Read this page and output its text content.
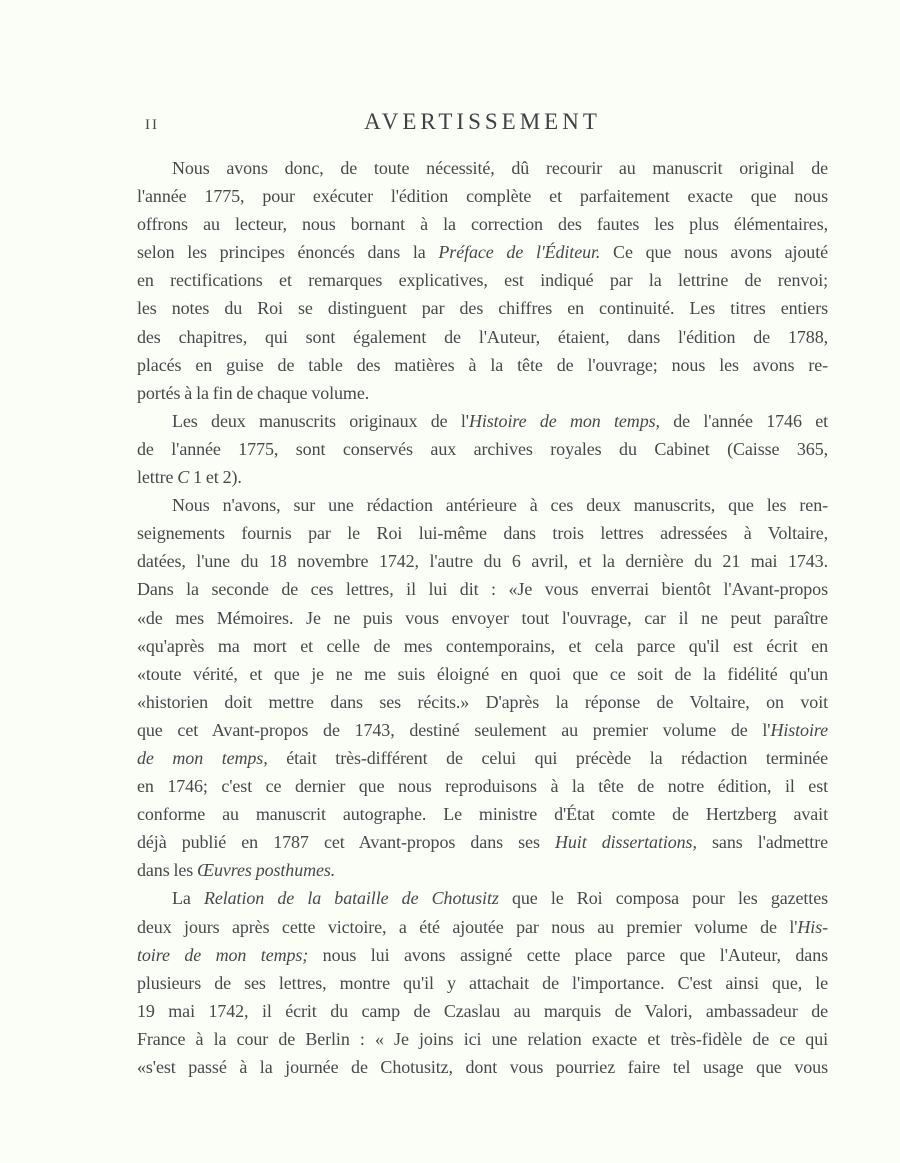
II	AVERTISSEMENT
Nous avons donc, de toute nécessité, dû recourir au manuscrit original de
l'année 1775, pour exécuter l'édition complète et parfaitement exacte que nous
offrons au lecteur, nous bornant à la correction des fautes les plus élémentaires,
selon les principes énoncés dans la Préface de l'Éditeur. Ce que nous avons ajouté
en rectifications et remarques explicatives, est indiqué par la lettrine de renvoi;
les notes du Roi se distinguent par des chiffres en continuité. Les titres entiers
des chapitres, qui sont également de l'Auteur, étaient, dans l'édition de 1788,
placés en guise de table des matières à la tête de l'ouvrage; nous les avons re-
portés à la fin de chaque volume.
Les deux manuscrits originaux de l'Histoire de mon temps, de l'année 1746 et
de l'année 1775, sont conservés aux archives royales du Cabinet (Caisse 365,
lettre C 1 et 2).
Nous n'avons, sur une rédaction antérieure à ces deux manuscrits, que les ren-
seignements fournis par le Roi lui-même dans trois lettres adressées à Voltaire,
datées, l'une du 18 novembre 1742, l'autre du 6 avril, et la dernière du 21 mai 1743.
Dans la seconde de ces lettres, il lui dit : «Je vous enverrai bientôt l'Avant-propos
«de mes Mémoires. Je ne puis vous envoyer tout l'ouvrage, car il ne peut paraître
«qu'après ma mort et celle de mes contemporains, et cela parce qu'il est écrit en
«toute vérité, et que je ne me suis éloigné en quoi que ce soit de la fidélité qu'un
«historien doit mettre dans ses récits.» D'après la réponse de Voltaire, on voit
que cet Avant-propos de 1743, destiné seulement au premier volume de l'Histoire
de mon temps, était très-différent de celui qui précède la rédaction terminée
en 1746; c'est ce dernier que nous reproduisons à la tête de notre édition, il est
conforme au manuscrit autographe. Le ministre d'État comte de Hertzberg avait
déjà publié en 1787 cet Avant-propos dans ses Huit dissertations, sans l'admettre
dans les Œuvres posthumes.
La Relation de la bataille de Chotusitz que le Roi composa pour les gazettes
deux jours après cette victoire, a été ajoutée par nous au premier volume de l'His-
toire de mon temps; nous lui avons assigné cette place parce que l'Auteur, dans
plusieurs de ses lettres, montre qu'il y attachait de l'importance. C'est ainsi que, le
19 mai 1742, il écrit du camp de Czaslau au marquis de Valori, ambassadeur de
France à la cour de Berlin : « Je joins ici une relation exacte et très-fidèle de ce qui
«s'est passé à la journée de Chotusitz, dont vous pourriez faire tel usage que vous
